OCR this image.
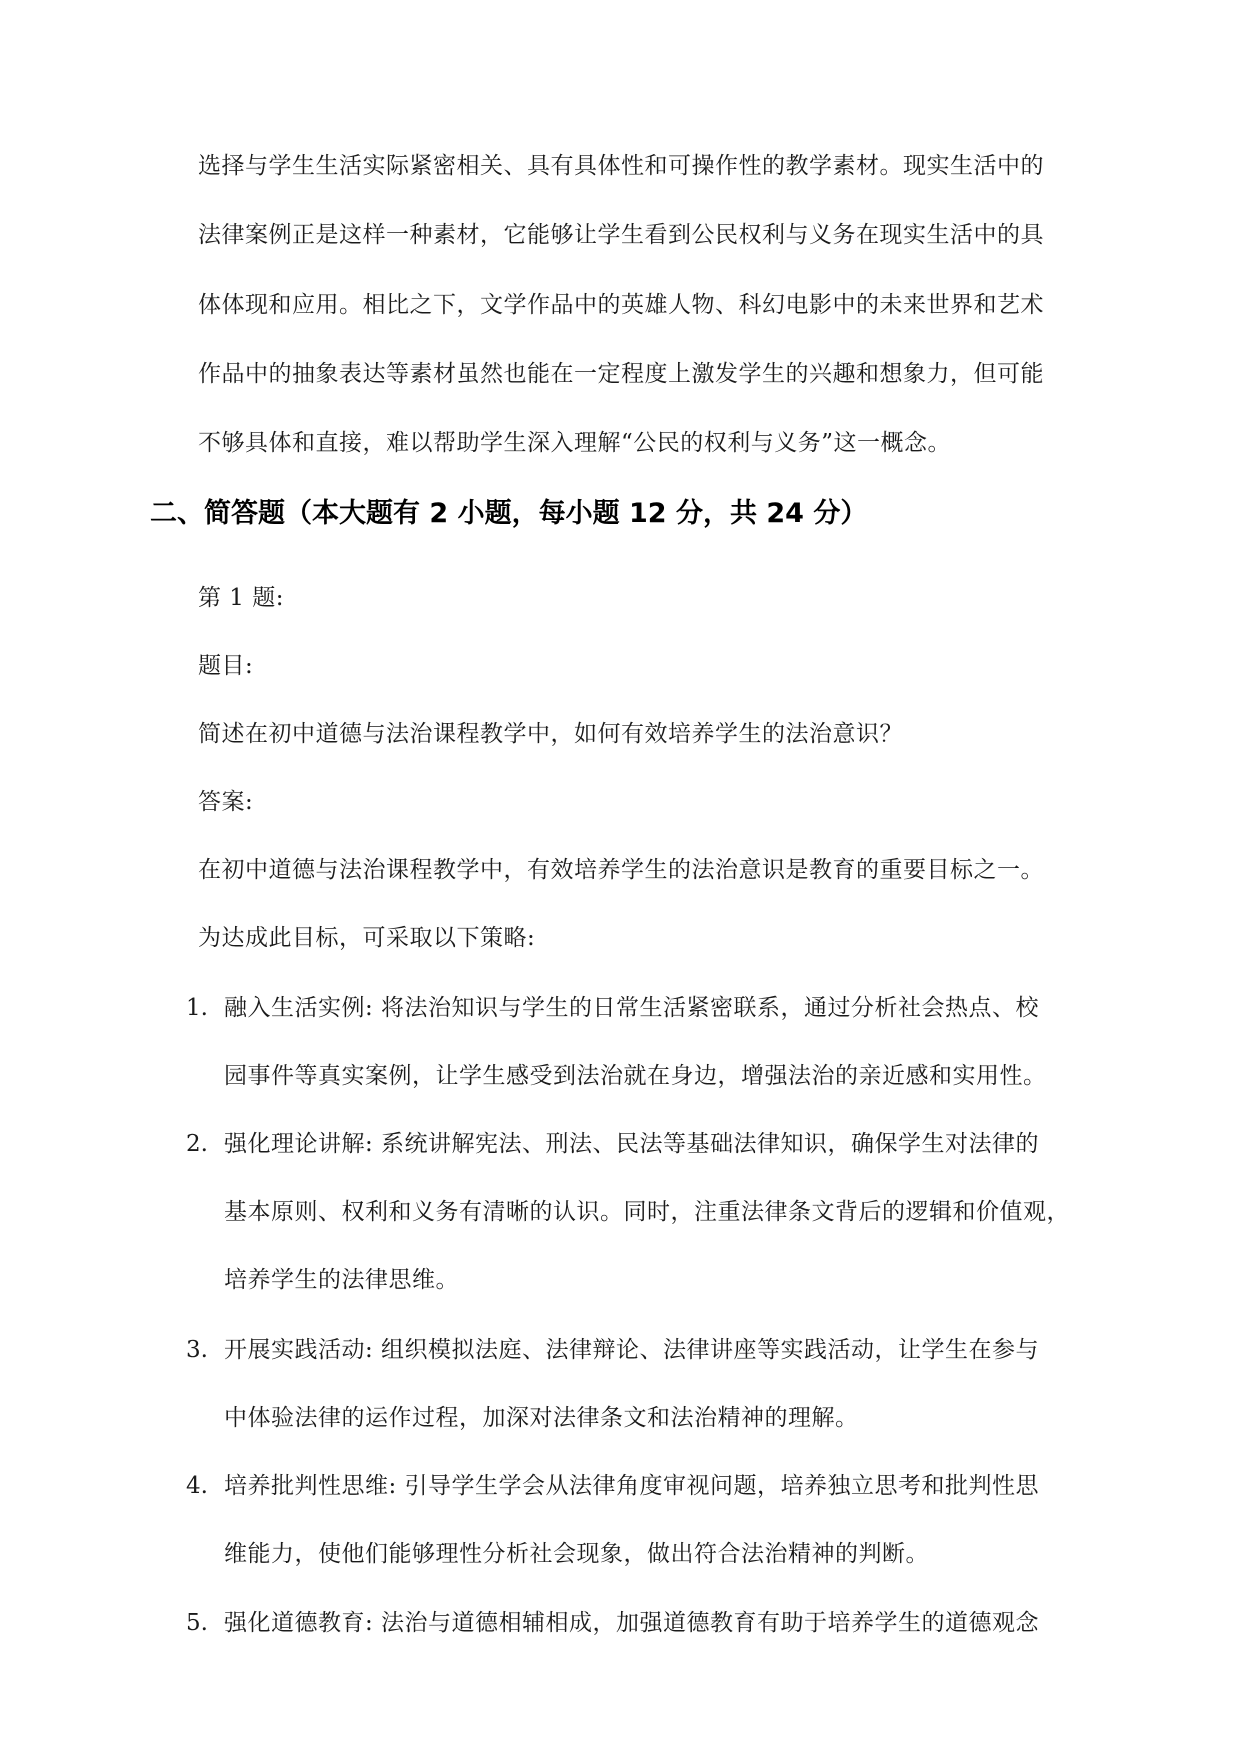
选择与学生生活实际紧密相关、具有具体性和可操作性的教学素材。现实生活中的
法律案例正是这样一种素材，它能够让学生看到公民权利与义务在现实生活中的具
体体现和应用。相比之下，文学作品中的英雄人物、科幻电影中的未来世界和艺术
作品中的抽象表达等素材虽然也能在一定程度上激发学生的兴趣和想象力，但可能
不够具体和直接，难以帮助学生深入理解“公民的权利与义务”这一概念。
二、简答题（本大题有 2 小题，每小题 12 分，共 24 分）
第 1 题:
题目:
简述在初中道德与法治课程教学中，如何有效培养学生的法治意识？
答案:
在初中道德与法治课程教学中，有效培养学生的法治意识是教育的重要目标之一。
为达成此目标，可采取以下策略:
1. 融入生活实例: 将法治知识与学生的日常生活紧密联系，通过分析社会热点、校
园事件等真实案例，让学生感受到法治就在身边，增强法治的亲近感和实用性。
2. 强化理论讲解: 系统讲解宪法、刑法、民法等基础法律知识，确保学生对法律的
基本原则、权利和义务有清晰的认识。同时，注重法律条文背后的逻辑和价值观，
培养学生的法律思维。
3. 开展实践活动: 组织模拟法庭、法律辩论、法律讲座等实践活动，让学生在参与
中体验法律的运作过程，加深对法律条文和法治精神的理解。
4. 培养批判性思维: 引导学生学会从法律角度审视问题，培养独立思考和批判性思
维能力，使他们能够理性分析社会现象，做出符合法治精神的判断。
5. 强化道德教育: 法治与道德相辅相成，加强道德教育有助于培养学生的道德观念
